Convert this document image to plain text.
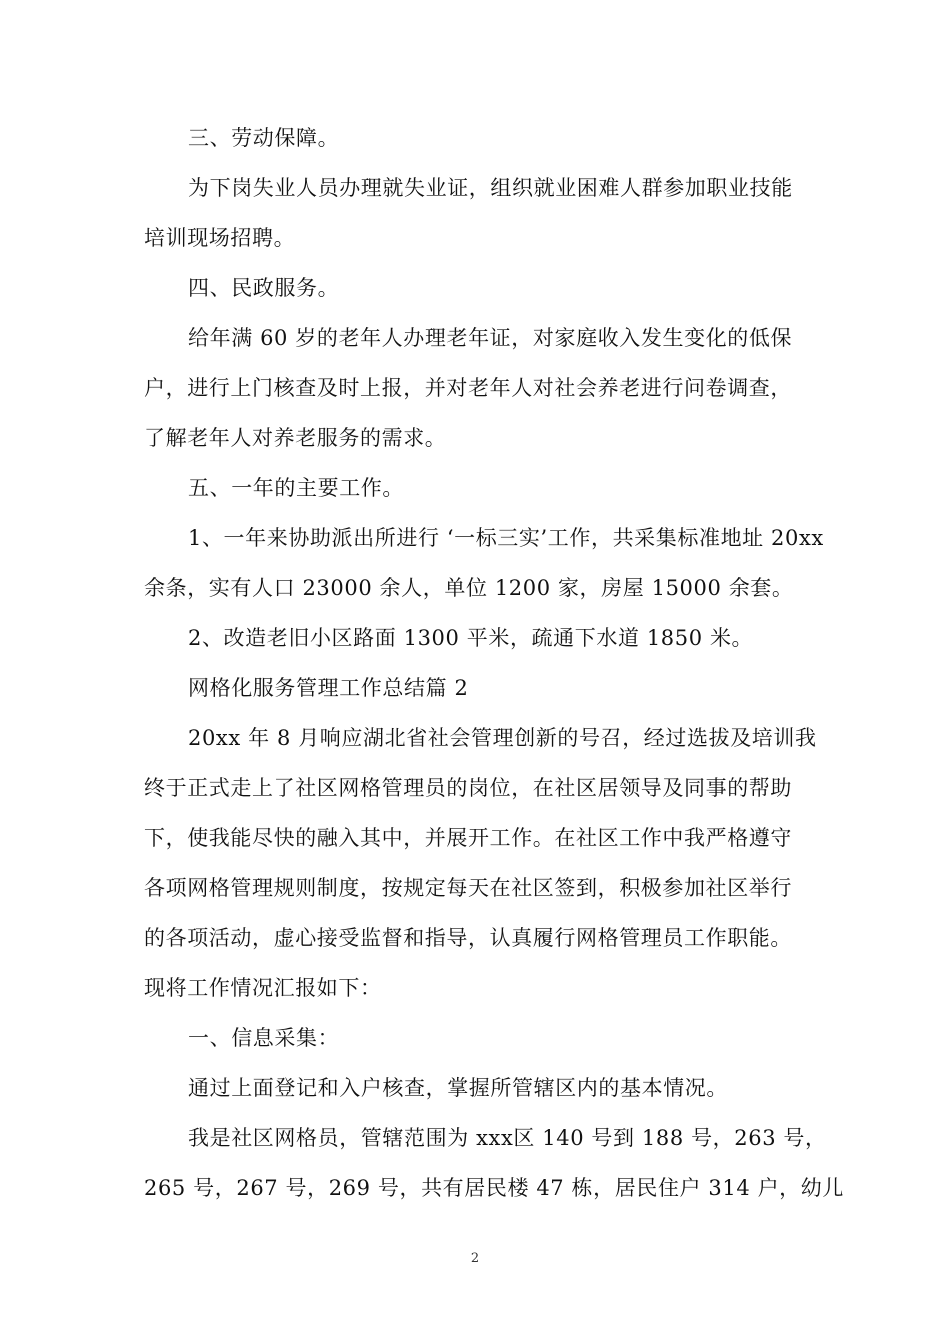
三、劳动保障。
为下岗失业人员办理就失业证，组织就业困难人群参加职业技能
培训现场招聘。
四、民政服务。
给年满 60 岁的老年人办理老年证，对家庭收入发生变化的低保
户，进行上门核查及时上报，并对老年人对社会养老进行问卷调查，
了解老年人对养老服务的需求。
五、一年的主要工作。
1、一年来协助派出所进行 ‘一标三实’工作，共采集标准地址 20xx
余条，实有人口 23000 余人，单位 1200 家，房屋 15000 余套。
2、改造老旧小区路面 1300 平米，疏通下水道 1850 米。
网格化服务管理工作总结篇 2
20xx 年 8 月响应湖北省社会管理创新的号召，经过选拔及培训我
终于正式走上了社区网格管理员的岗位，在社区居领导及同事的帮助
下，使我能尽快的融入其中，并展开工作。在社区工作中我严格遵守
各项网格管理规则制度，按规定每天在社区签到，积极参加社区举行
的各项活动，虚心接受监督和指导，认真履行网格管理员工作职能。
现将工作情况汇报如下：
一、信息采集：
通过上面登记和入户核查，掌握所管辖区内的基本情况。
我是社区网格员，管辖范围为 xxx区 140 号到 188 号，263 号，
265 号，267 号，269 号，共有居民楼 47 栋，居民住户 314 户，幼儿
2
